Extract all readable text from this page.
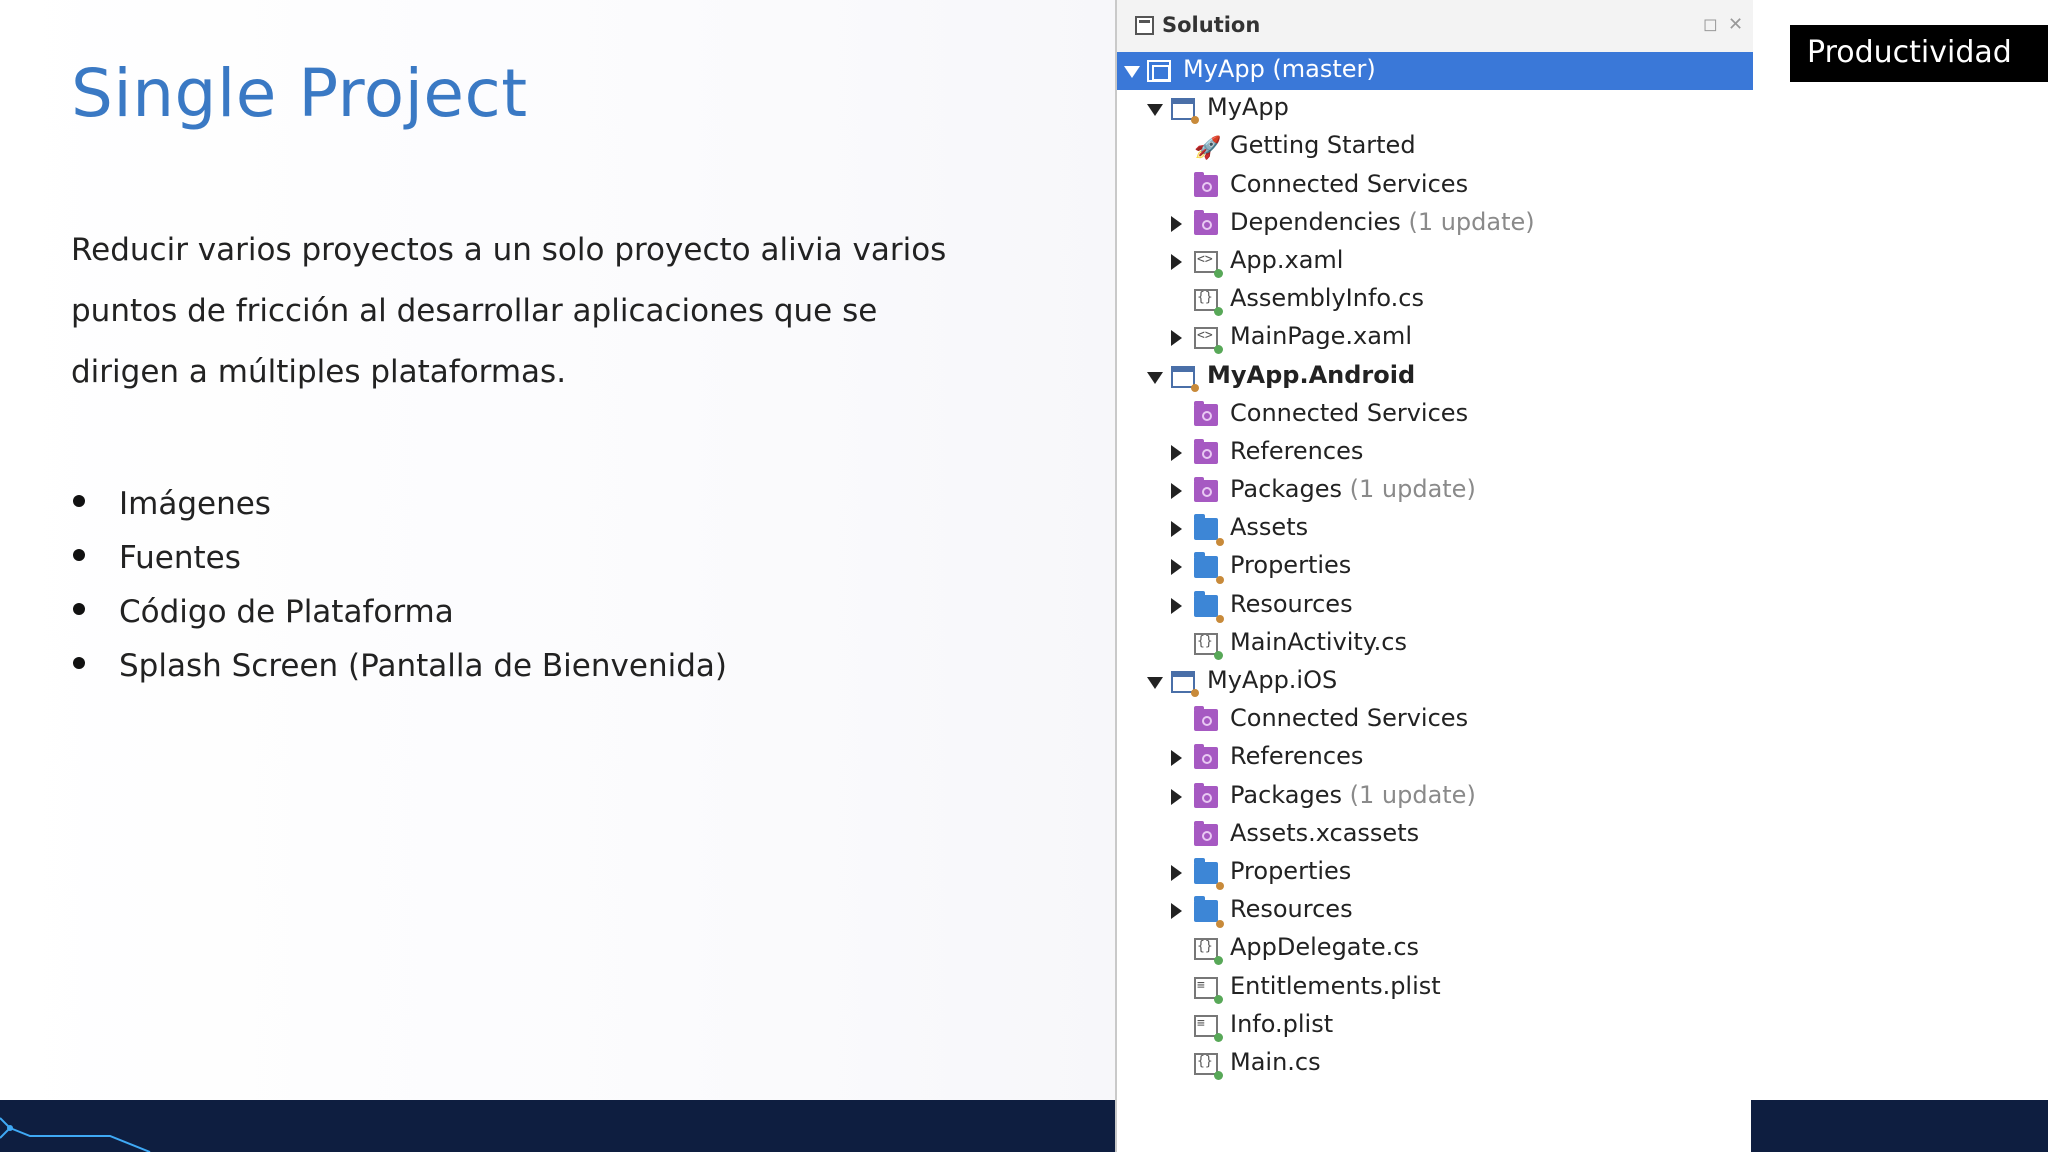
Single Project

Reducir varios proyectos a un solo proyecto alivia varios puntos de fricción al desarrollar aplicaciones que se dirigen a múltiples plataformas.

Imágenes
Fuentes
Código de Plataforma
Splash Screen (Pantalla de Bienvenida)
Productividad
Solution	◻ ✕
MyApp (master)
MyApp
🚀 Getting Started
Connected Services
Dependencies (1 update)
<> App.xaml
{} AssemblyInfo.cs
<> MainPage.xaml
MyApp.Android
Connected Services
References
Packages (1 update)
Assets
Properties
Resources
{} MainActivity.cs
MyApp.iOS
Connected Services
References
Packages (1 update)
Assets.xcassets
Properties
Resources
{} AppDelegate.cs
≡ Entitlements.plist
≡ Info.plist
{} Main.cs
